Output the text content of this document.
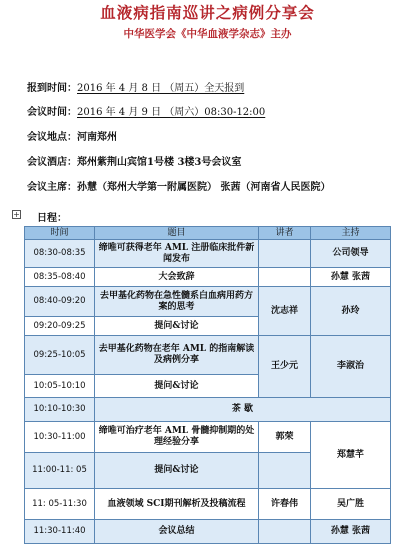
血液病指南巡讲之病例分享会
中华医学会《中华血液学杂志》主办
报到时间：2016 年 4 月 8 日 （周五）全天报到
会议时间：2016 年 4 月 9 日 （周六）08:30-12:00
会议地点：河南郑州
会议酒店：郑州紫荆山宾馆1号楼 3楼3号会议室
会议主席：孙慧（郑州大学第一附属医院） 张茜（河南省人民医院）
+ 日程：
时间	题目	讲者	主持
08:30-08:35	缔唯可获得老年 AML 注册临床批件新闻发布		公司领导
08:35-08:40	大会致辞		孙慧 张茜
08:40-09:20	去甲基化药物在急性髓系白血病用药方案的思考	沈志祥	孙玲
09:20-09:25	提问&讨论		
09:25-10:05	去甲基化药物在老年 AML 的指南解读及病例分享	王少元	李淑治
10:05-10:10	提问&讨论		
10:10-10:30	茶 歇		
10:30-11:00	缔唯可治疗老年 AML 骨髓抑制期的处理经验分享	郭荣	郑慧芊
11:00-11: 05	提问&讨论		
11: 05-11:30	血液领域 SCI期刊解析及投稿流程	许春伟	吴广胜
11:30-11:40	会议总结		孙慧 张茜
